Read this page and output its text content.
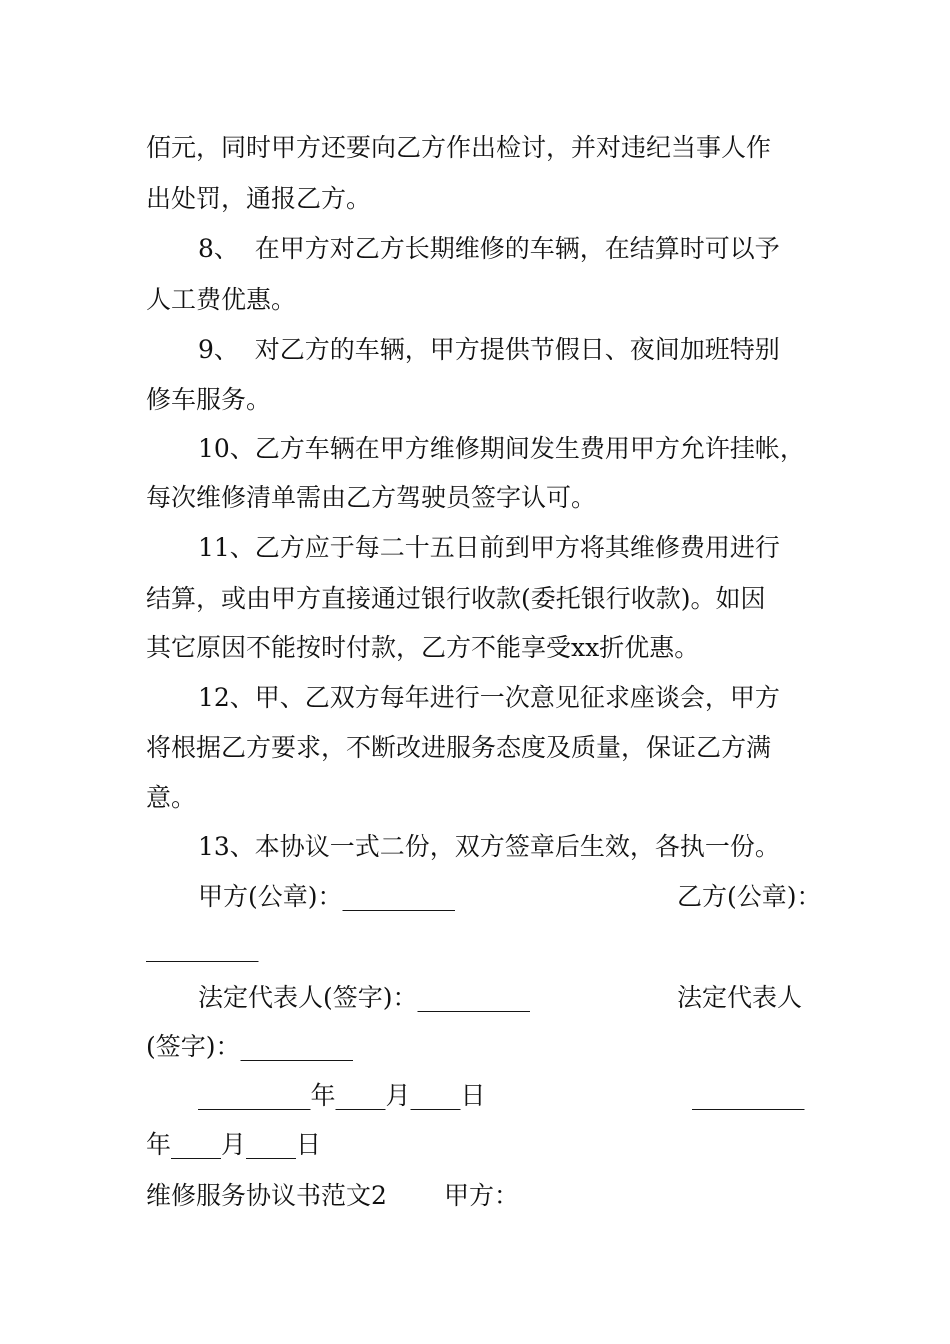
佰元，同时甲方还要向乙方作出检讨，并对违纪当事人作
出处罚，通报乙方。
8、  在甲方对乙方长期维修的车辆，在结算时可以予
人工费优惠。
9、  对乙方的车辆，甲方提供节假日、夜间加班特别
修车服务。
10、乙方车辆在甲方维修期间发生费用甲方允许挂帐，
每次维修清单需由乙方驾驶员签字认可。
11、乙方应于每二十五日前到甲方将其维修费用进行
结算，或由甲方直接通过银行收款(委托银行收款)。如因
其它原因不能按时付款，乙方不能享受xx折优惠。
12、甲、乙双方每年进行一次意见征求座谈会，甲方
将根据乙方要求，不断改进服务态度及质量，保证乙方满
意。
13、本协议一式二份，双方签章后生效，各执一份。
甲方(公章)：_________	乙方(公章)：
_________
法定代表人(签字)：_________	法定代表人
(签字)：_________
_________年____月____日	_________
年____月____日
维修服务协议书范文2 甲方：
